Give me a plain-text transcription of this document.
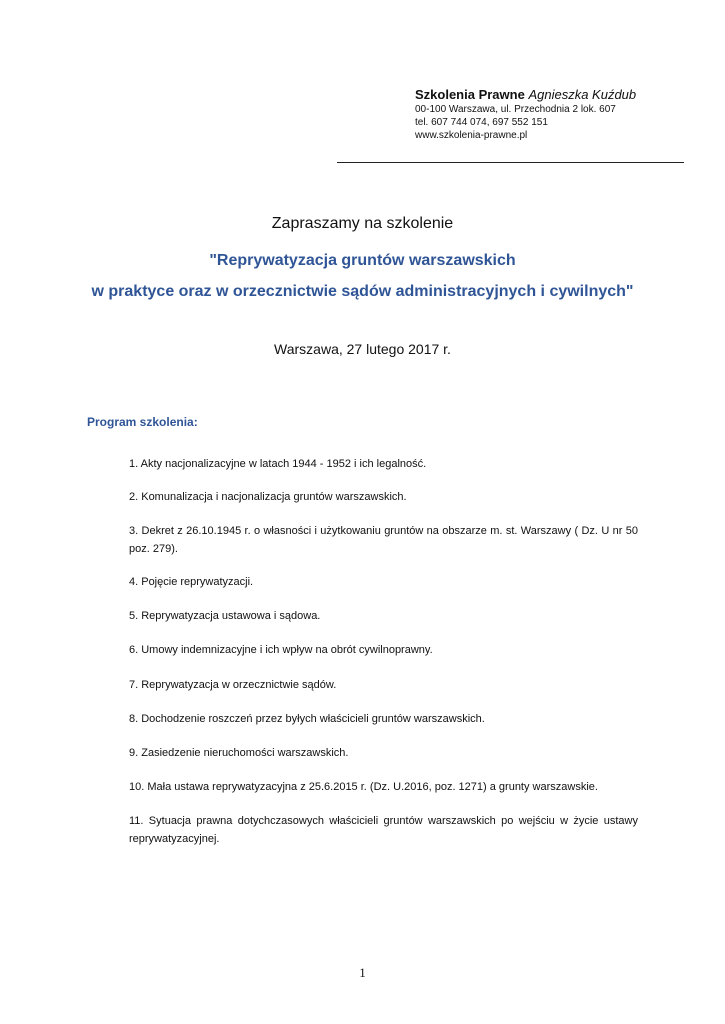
Szkolenia Prawne Agnieszka Kuźdub
00-100 Warszawa, ul. Przechodnia 2 lok. 607
tel. 607 744 074, 697 552 151
www.szkolenia-prawne.pl
Zapraszamy na szkolenie
"Reprywatyzacja gruntów warszawskich
w praktyce oraz w orzecznictwie sądów administracyjnych i cywilnych"
Warszawa, 27 lutego 2017 r.
Program szkolenia:
1. Akty nacjonalizacyjne w latach 1944 - 1952 i ich legalność.
2. Komunalizacja i nacjonalizacja gruntów warszawskich.
3. Dekret z 26.10.1945 r. o własności i użytkowaniu gruntów na obszarze m. st. Warszawy ( Dz. U nr 50 poz. 279).
4. Pojęcie reprywatyzacji.
5. Reprywatyzacja ustawowa i sądowa.
6. Umowy indemnizacyjne i ich wpływ na obrót cywilnoprawny.
7. Reprywatyzacja w orzecznictwie sądów.
8. Dochodzenie roszczeń przez byłych właścicieli gruntów warszawskich.
9. Zasiedzenie nieruchomości warszawskich.
10. Mała ustawa reprywatyzacyjna z 25.6.2015 r. (Dz. U.2016, poz. 1271) a grunty warszawskie.
11. Sytuacja prawna dotychczasowych właścicieli gruntów warszawskich po wejściu w życie ustawy reprywatyzacyjnej.
1
